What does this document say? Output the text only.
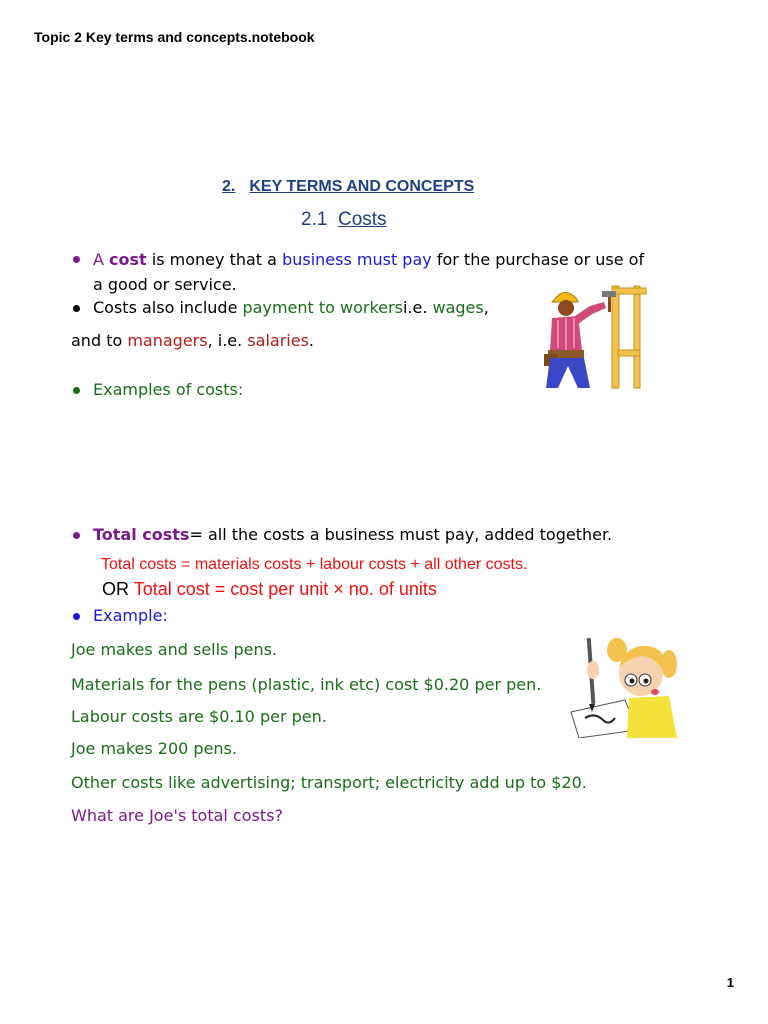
Topic 2 Key terms and concepts.notebook
2. KEY TERMS AND CONCEPTS
2.1 Costs
A cost is money that a business must pay for the purchase or use of
a good or service.
Costs also include payment to workersi.e. wages,
and to managers, i.e. salaries.
Examples of costs:
Total costs= all the costs a business must pay, added together.
Total costs = materials costs + labour costs + all other costs.
OR Total cost = cost per unit × no. of units
Example:
Joe makes and sells pens.
Materials for the pens (plastic, ink etc) cost $0.20 per pen.
Labour costs are $0.10 per pen.
Joe makes 200 pens.
Other costs like advertising; transport; electricity add up to $20.
What are Joe's total costs?
1
